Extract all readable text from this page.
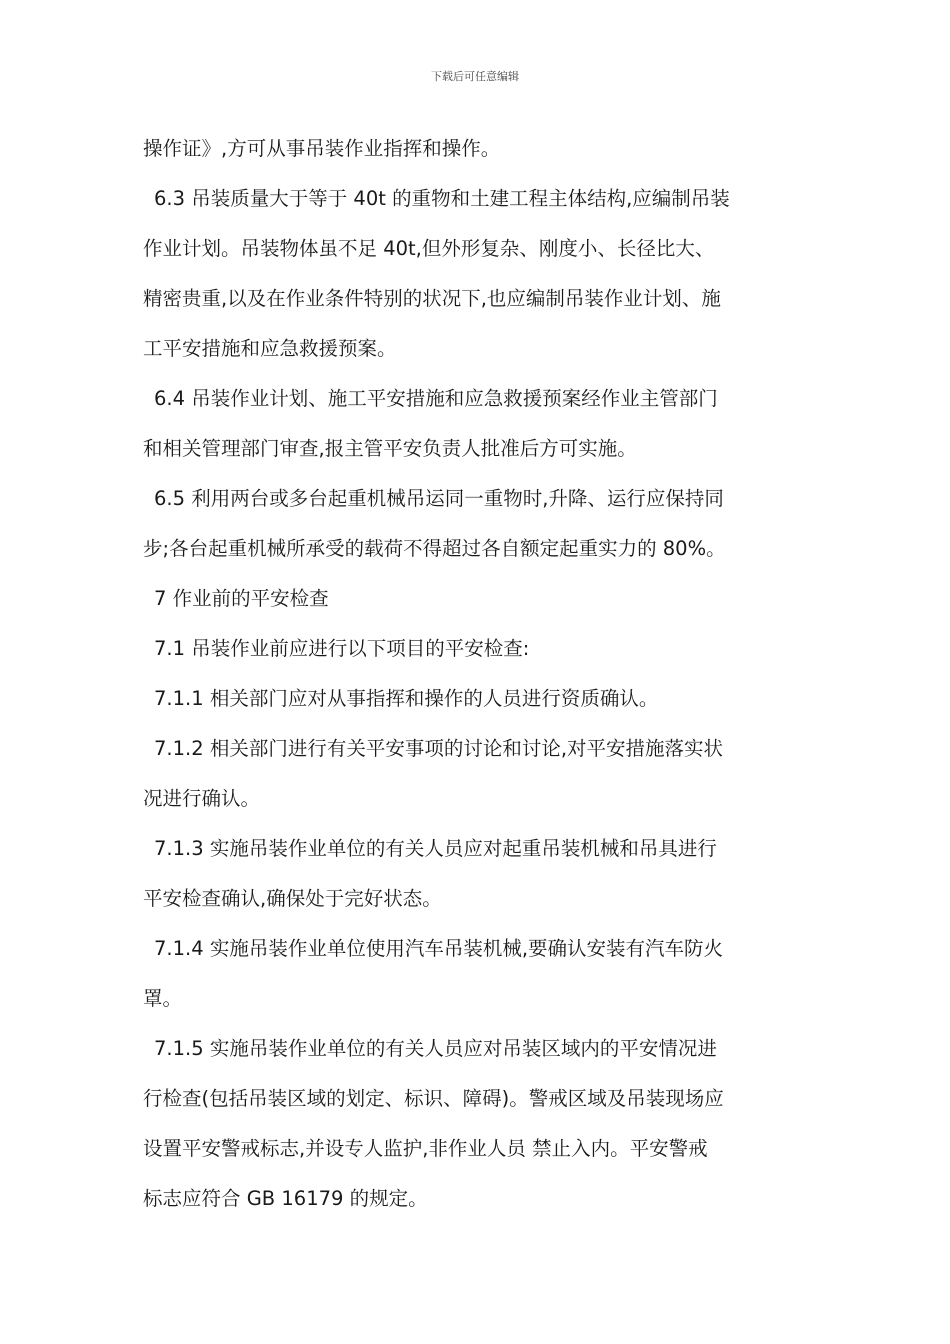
下载后可任意编辑

操作证》,方可从事吊装作业指挥和操作。

6.3 吊装质量大于等于 40t 的重物和土建工程主体结构,应编制吊装

作业计划。吊装物体虽不足 40t,但外形复杂、刚度小、长径比大、

精密贵重,以及在作业条件特别的状况下,也应编制吊装作业计划、施

工平安措施和应急救援预案。

6.4 吊装作业计划、施工平安措施和应急救援预案经作业主管部门

和相关管理部门审查,报主管平安负责人批准后方可实施。

6.5 利用两台或多台起重机械吊运同一重物时,升降、运行应保持同

步;各台起重机械所承受的载荷不得超过各自额定起重实力的 80%。

7 作业前的平安检查

7.1 吊装作业前应进行以下项目的平安检查:

7.1.1 相关部门应对从事指挥和操作的人员进行资质确认。

7.1.2 相关部门进行有关平安事项的讨论和讨论,对平安措施落实状

况进行确认。

7.1.3 实施吊装作业单位的有关人员应对起重吊装机械和吊具进行

平安检查确认,确保处于完好状态。

7.1.4 实施吊装作业单位使用汽车吊装机械,要确认安装有汽车防火

罩。

7.1.5 实施吊装作业单位的有关人员应对吊装区域内的平安情况进

行检查(包括吊装区域的划定、标识、障碍)。警戒区域及吊装现场应

设置平安警戒标志,并设专人监护,非作业人员 禁止入内。平安警戒

标志应符合 GB 16179 的规定。
